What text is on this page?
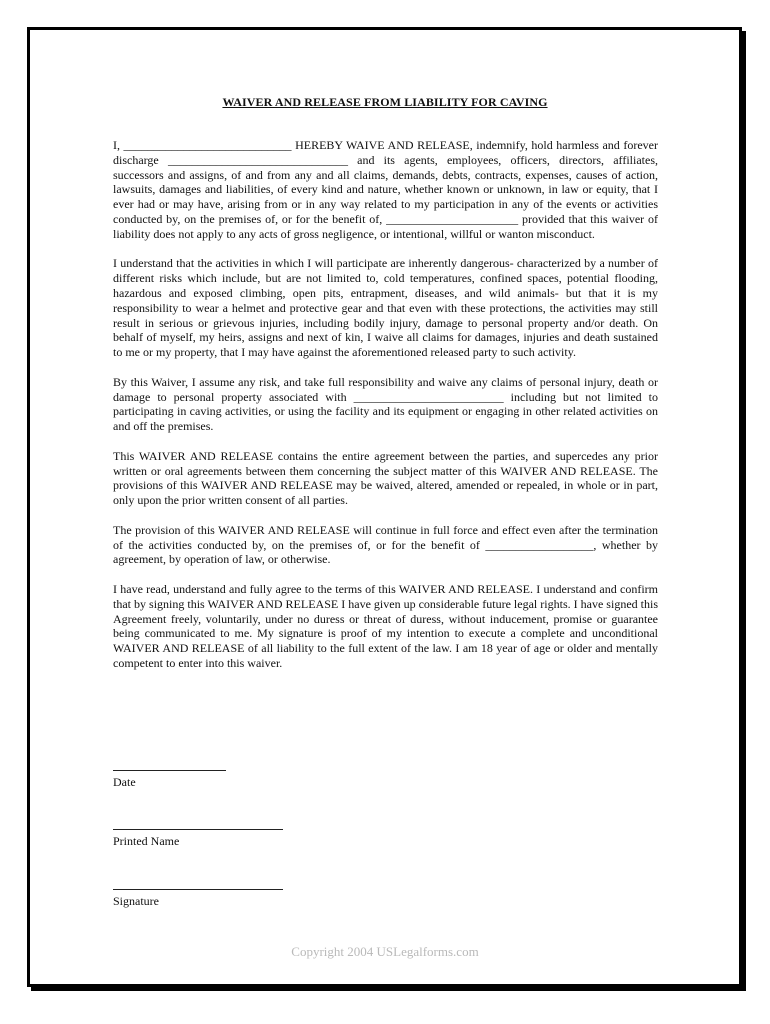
WAIVER AND RELEASE FROM LIABILITY FOR CAVING

I, ____________________________ HEREBY WAIVE AND RELEASE, indemnify, hold harmless and forever discharge ______________________________ and its agents, employees, officers, directors, affiliates, successors and assigns, of and from any and all claims, demands, debts, contracts, expenses, causes of action, lawsuits, damages and liabilities, of every kind and nature, whether known or unknown, in law or equity, that I ever had or may have, arising from or in any way related to my participation in any of the events or activities conducted by, on the premises of, or for the benefit of, ______________________ provided that this waiver of liability does not apply to any acts of gross negligence, or intentional, willful or wanton misconduct.

I understand that the activities in which I will participate are inherently dangerous- characterized by a number of different risks which include, but are not limited to, cold temperatures, confined spaces, potential flooding, hazardous and exposed climbing, open pits, entrapment, diseases, and wild animals- but that it is my responsibility to wear a helmet and protective gear and that even with these protections, the activities may still result in serious or grievous injuries, including bodily injury, damage to personal property and/or death. On behalf of myself, my heirs, assigns and next of kin, I waive all claims for damages, injuries and death sustained to me or my property, that I may have against the aforementioned released party to such activity.

By this Waiver, I assume any risk, and take full responsibility and waive any claims of personal injury, death or damage to personal property associated with _________________________ including but not limited to participating in caving activities, or using the facility and its equipment or engaging in other related activities on and off the premises.

This WAIVER AND RELEASE contains the entire agreement between the parties, and supercedes any prior written or oral agreements between them concerning the subject matter of this WAIVER AND RELEASE. The provisions of this WAIVER AND RELEASE may be waived, altered, amended or repealed, in whole or in part, only upon the prior written consent of all parties.

The provision of this WAIVER AND RELEASE will continue in full force and effect even after the termination of the activities conducted by, on the premises of, or for the benefit of __________________, whether by agreement, by operation of law, or otherwise.

I have read, understand and fully agree to the terms of this WAIVER AND RELEASE. I understand and confirm that by signing this WAIVER AND RELEASE I have given up considerable future legal rights. I have signed this Agreement freely, voluntarily, under no duress or threat of duress, without inducement, promise or guarantee being communicated to me. My signature is proof of my intention to execute a complete and unconditional WAIVER AND RELEASE of all liability to the full extent of the law. I am 18 year of age or older and mentally competent to enter into this waiver.

Date
Printed Name
Signature
Copyright 2004 USLegalforms.com
